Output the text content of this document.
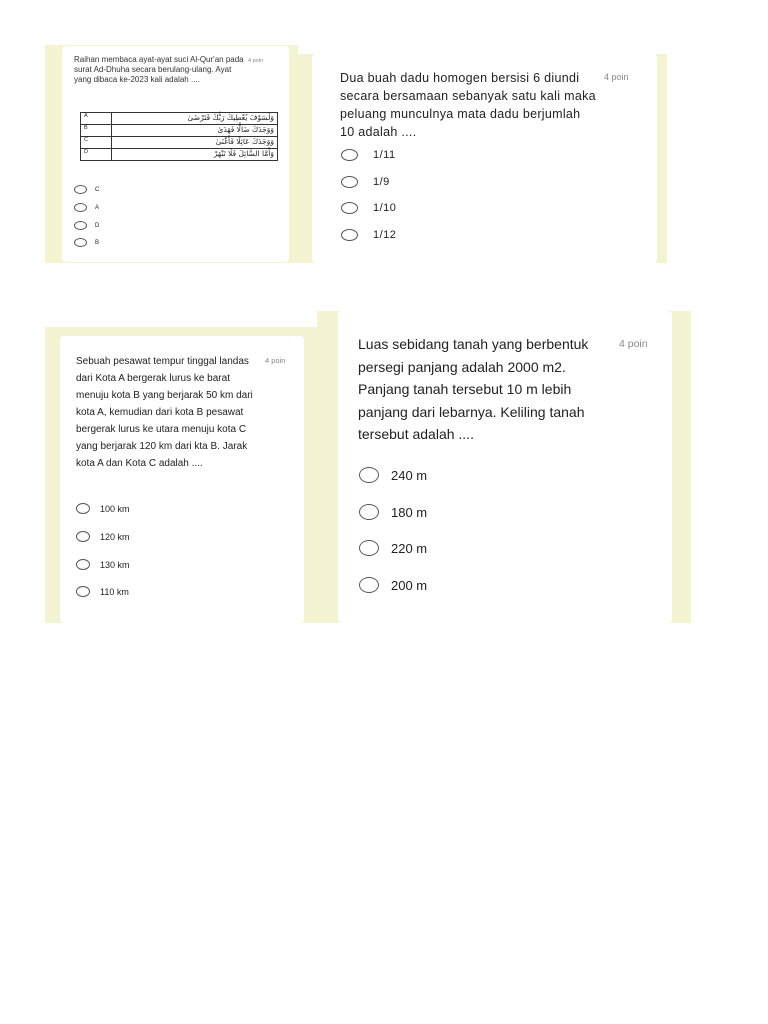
Raihan membaca ayat-ayat suci Al-Qur'an pada surat Ad-Dhuha secara berulang-ulang. Ayat yang dibaca ke-2023 kali adalah ....

4 poin
A	وَلَسَوْفَ يُعْطِيكَ رَبُّكَ فَتَرْضَىٰ
B	وَوَجَدَكَ ضَالًّا فَهَدَىٰ
C	وَوَجَدَكَ عَائِلًا فَأَغْنَىٰ
D	وَأَمَّا السَّائِلَ فَلَا تَنْهَرْ
C
A
D
B

Dua buah dadu homogen bersisi 6 diundi secara bersamaan sebanyak satu kali maka peluang munculnya mata dadu berjumlah 10 adalah ....

4 poin
1/11
1/9
1/10
1/12

Sebuah pesawat tempur tinggal landas dari Kota A bergerak lurus ke barat menuju kota B yang berjarak 50 km dari kota A, kemudian dari kota B pesawat bergerak lurus ke utara menuju kota C yang berjarak 120 km dari kta B. Jarak kota A dan Kota C adalah ....

4 poin
100 km
120 km
130 km
110 km

Luas sebidang tanah yang berbentuk persegi panjang adalah 2000 m2. Panjang tanah tersebut 10 m lebih panjang dari lebarnya. Keliling tanah tersebut adalah ....

4 poin
240 m
180 m
220 m
200 m
